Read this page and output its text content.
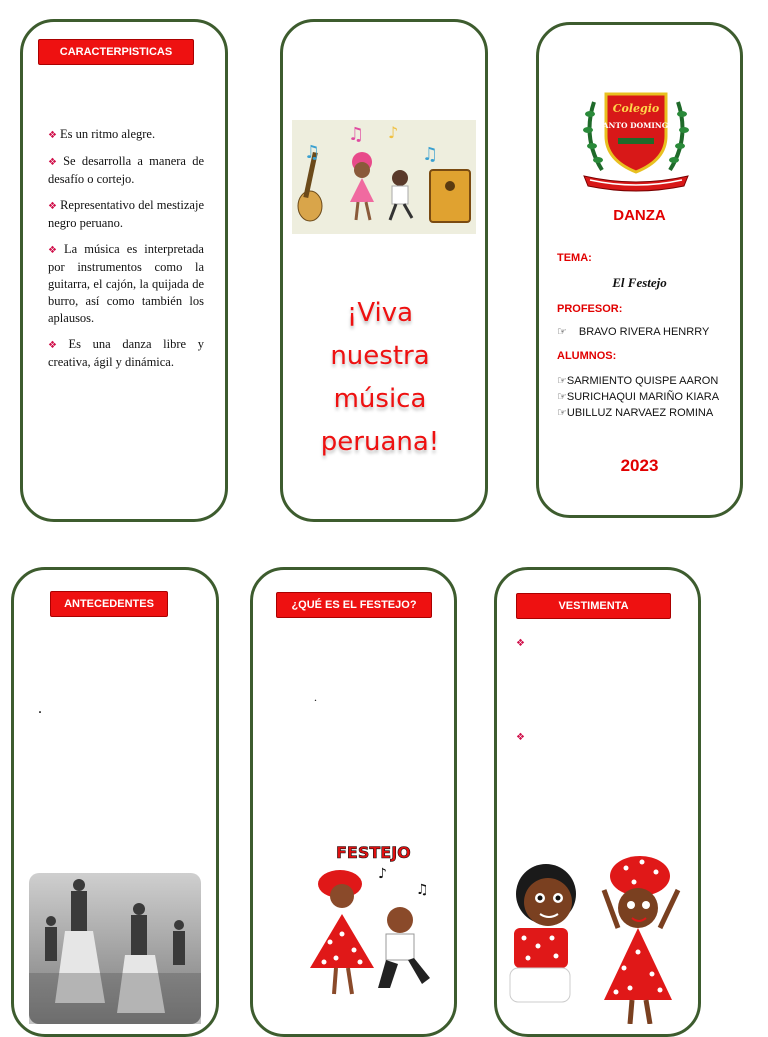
CARACTERPISTICAS
❖ Es un ritmo alegre.
❖ Se desarrolla a manera de desafío o cortejo.
❖ Representativo del mestizaje negro peruano.
❖ La música es interpretada por instrumentos como la guitarra, el cajón, la quijada de burro, así como también los aplausos.
❖ Es una danza libre y creativa, ágil y dinámica.
♫
♫ ♪
♫
¡Viva
nuestra
música
peruana!
Colegio
"SANTO DOMINGO"
DANZA
TEMA:
El Festejo
PROFESOR:
☞ BRAVO RIVERA HENRRY
ALUMNOS:
☞SARMIENTO QUISPE AARON
☞SURICHAQUI MARIÑO KIARA
☞UBILLUZ NARVAEZ ROMINA
2023
ANTECEDENTES
.
¿QUÉ ES EL FESTEJO?
.
FESTEJO
♪
♫
VESTIMENTA
❖
❖
